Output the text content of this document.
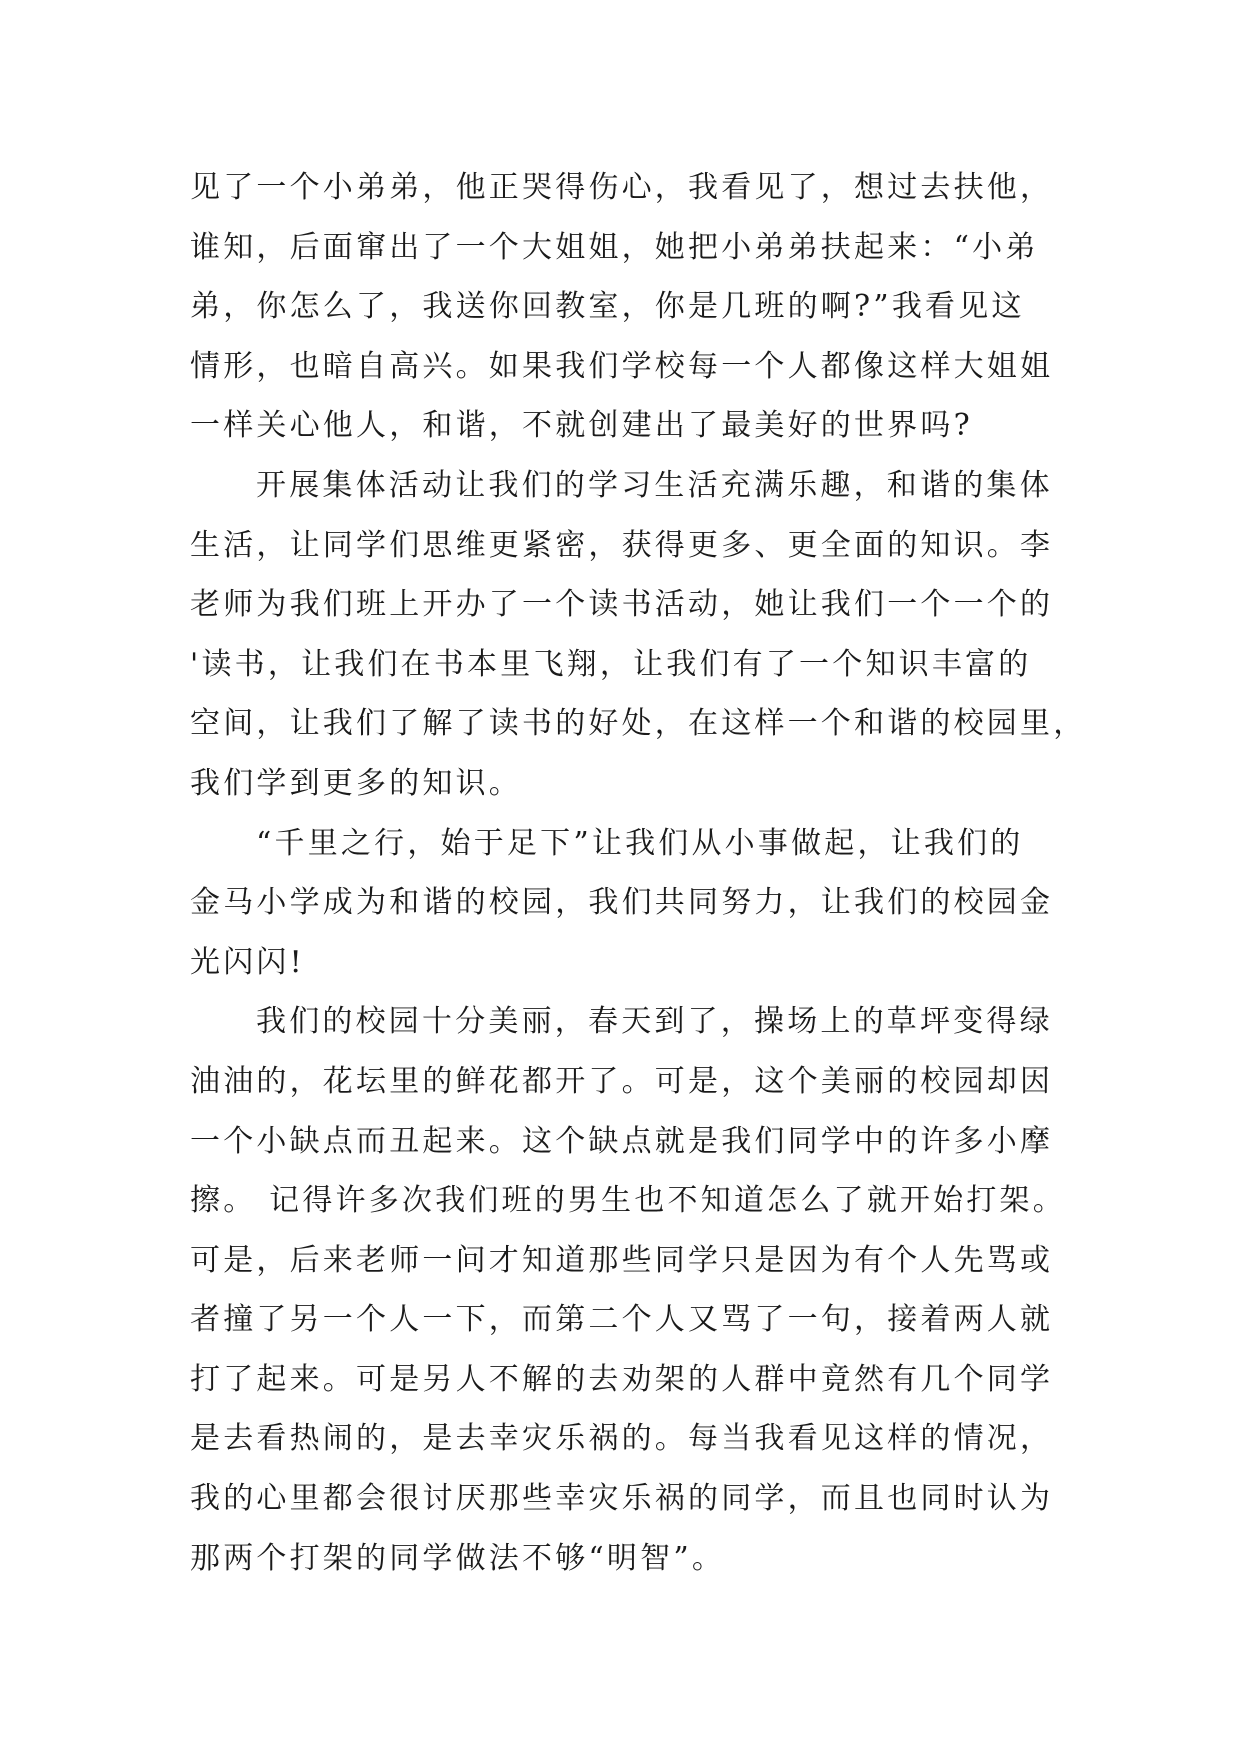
见了一个小弟弟，他正哭得伤心，我看见了，想过去扶他，
谁知，后面窜出了一个大姐姐，她把小弟弟扶起来：“小弟
弟，你怎么了，我送你回教室，你是几班的啊?”我看见这
情形，也暗自高兴。如果我们学校每一个人都像这样大姐姐
一样关心他人，和谐，不就创建出了最美好的世界吗?
开展集体活动让我们的学习生活充满乐趣，和谐的集体
生活，让同学们思维更紧密，获得更多、更全面的知识。李
老师为我们班上开办了一个读书活动，她让我们一个一个的
'读书，让我们在书本里飞翔，让我们有了一个知识丰富的
空间，让我们了解了读书的好处，在这样一个和谐的校园里，
我们学到更多的知识。
“千里之行，始于足下”让我们从小事做起，让我们的
金马小学成为和谐的校园，我们共同努力，让我们的校园金
光闪闪!
我们的校园十分美丽，春天到了，操场上的草坪变得绿
油油的，花坛里的鲜花都开了。可是，这个美丽的校园却因
一个小缺点而丑起来。这个缺点就是我们同学中的许多小摩
擦。 记得许多次我们班的男生也不知道怎么了就开始打架。
可是，后来老师一问才知道那些同学只是因为有个人先骂或
者撞了另一个人一下，而第二个人又骂了一句，接着两人就
打了起来。可是另人不解的去劝架的人群中竟然有几个同学
是去看热闹的，是去幸灾乐祸的。每当我看见这样的情况，
我的心里都会很讨厌那些幸灾乐祸的同学，而且也同时认为
那两个打架的同学做法不够“明智”。
